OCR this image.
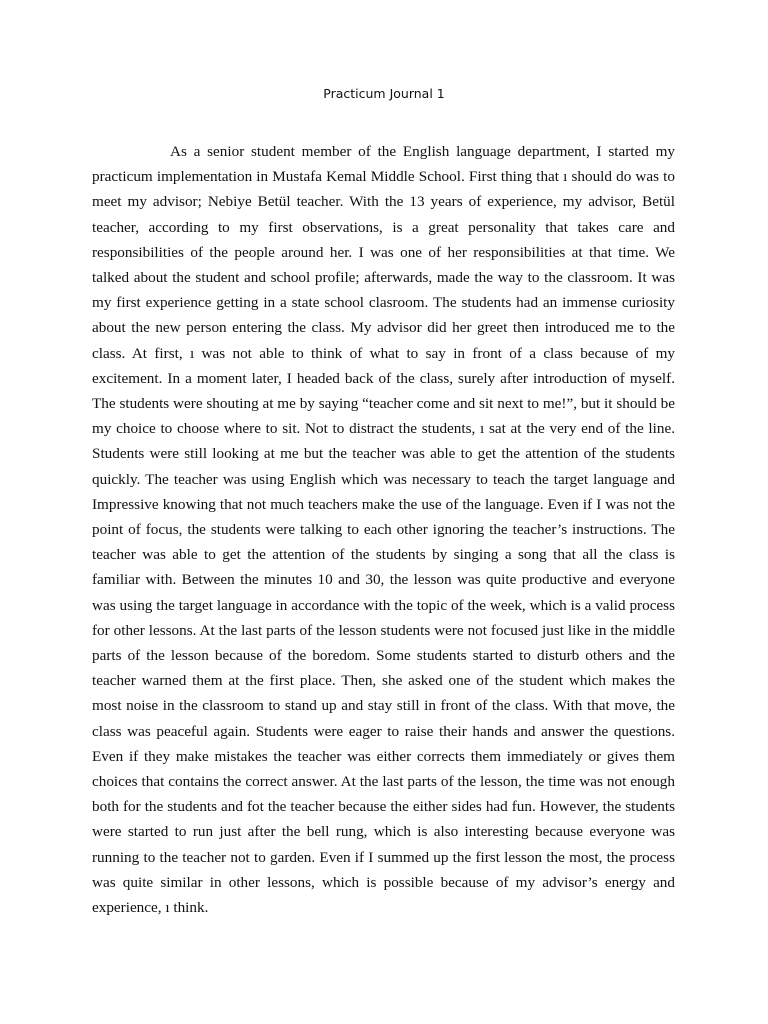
Practicum Journal 1

As a senior student member of the English language department, I started my practicum implementation in Mustafa Kemal Middle School. First thing that ı should do was to meet my advisor; Nebiye Betül teacher. With the 13 years of experience, my advisor, Betül teacher, according to my first observations, is a great personality that takes care and responsibilities of the people around her. I was one of her responsibilities at that time. We talked about the student and school profile; afterwards, made the way to the classroom. It was my first experience getting in a state school clasroom. The students had an immense curiosity about the new person entering the class. My advisor did her greet then introduced me to the class. At first, ı was not able to think of what to say in front of a class because of my excitement. In a moment later, I headed back of the class, surely after introduction of myself. The students were shouting at me by saying “teacher come and sit next to me!”, but it should be my choice to choose where to sit. Not to distract the students, ı sat at the very end of the line. Students were still looking at me but the teacher was able to get the attention of the students quickly. The teacher was using English which was necessary to teach the target language and Impressive knowing that not much teachers make the use of the language. Even if I was not the point of focus, the students were talking to each other ignoring the teacher’s instructions. The teacher was able to get the attention of the students by singing a song that all the class is familiar with. Between the minutes 10 and 30, the lesson was quite productive and everyone was using the target language in accordance with the topic of the week, which is a valid process for other lessons. At the last parts of the lesson students were not focused just like in the middle parts of the lesson because of the boredom. Some students started to disturb others and the teacher warned them at the first place. Then, she asked one of the student which makes the most noise in the classroom to stand up and stay still in front of the class. With that move, the class was peaceful again. Students were eager to raise their hands and answer the questions. Even if they make mistakes the teacher was either corrects them immediately or gives them choices that contains the correct answer. At the last parts of the lesson, the time was not enough both for the students and fot the teacher because the either sides had fun. However, the students were started to run just after the bell rung, which is also interesting because everyone was running to the teacher not to garden. Even if I summed up the first lesson the most, the process was quite similar in other lessons, which is possible because of my advisor’s energy and experience, ı think.
